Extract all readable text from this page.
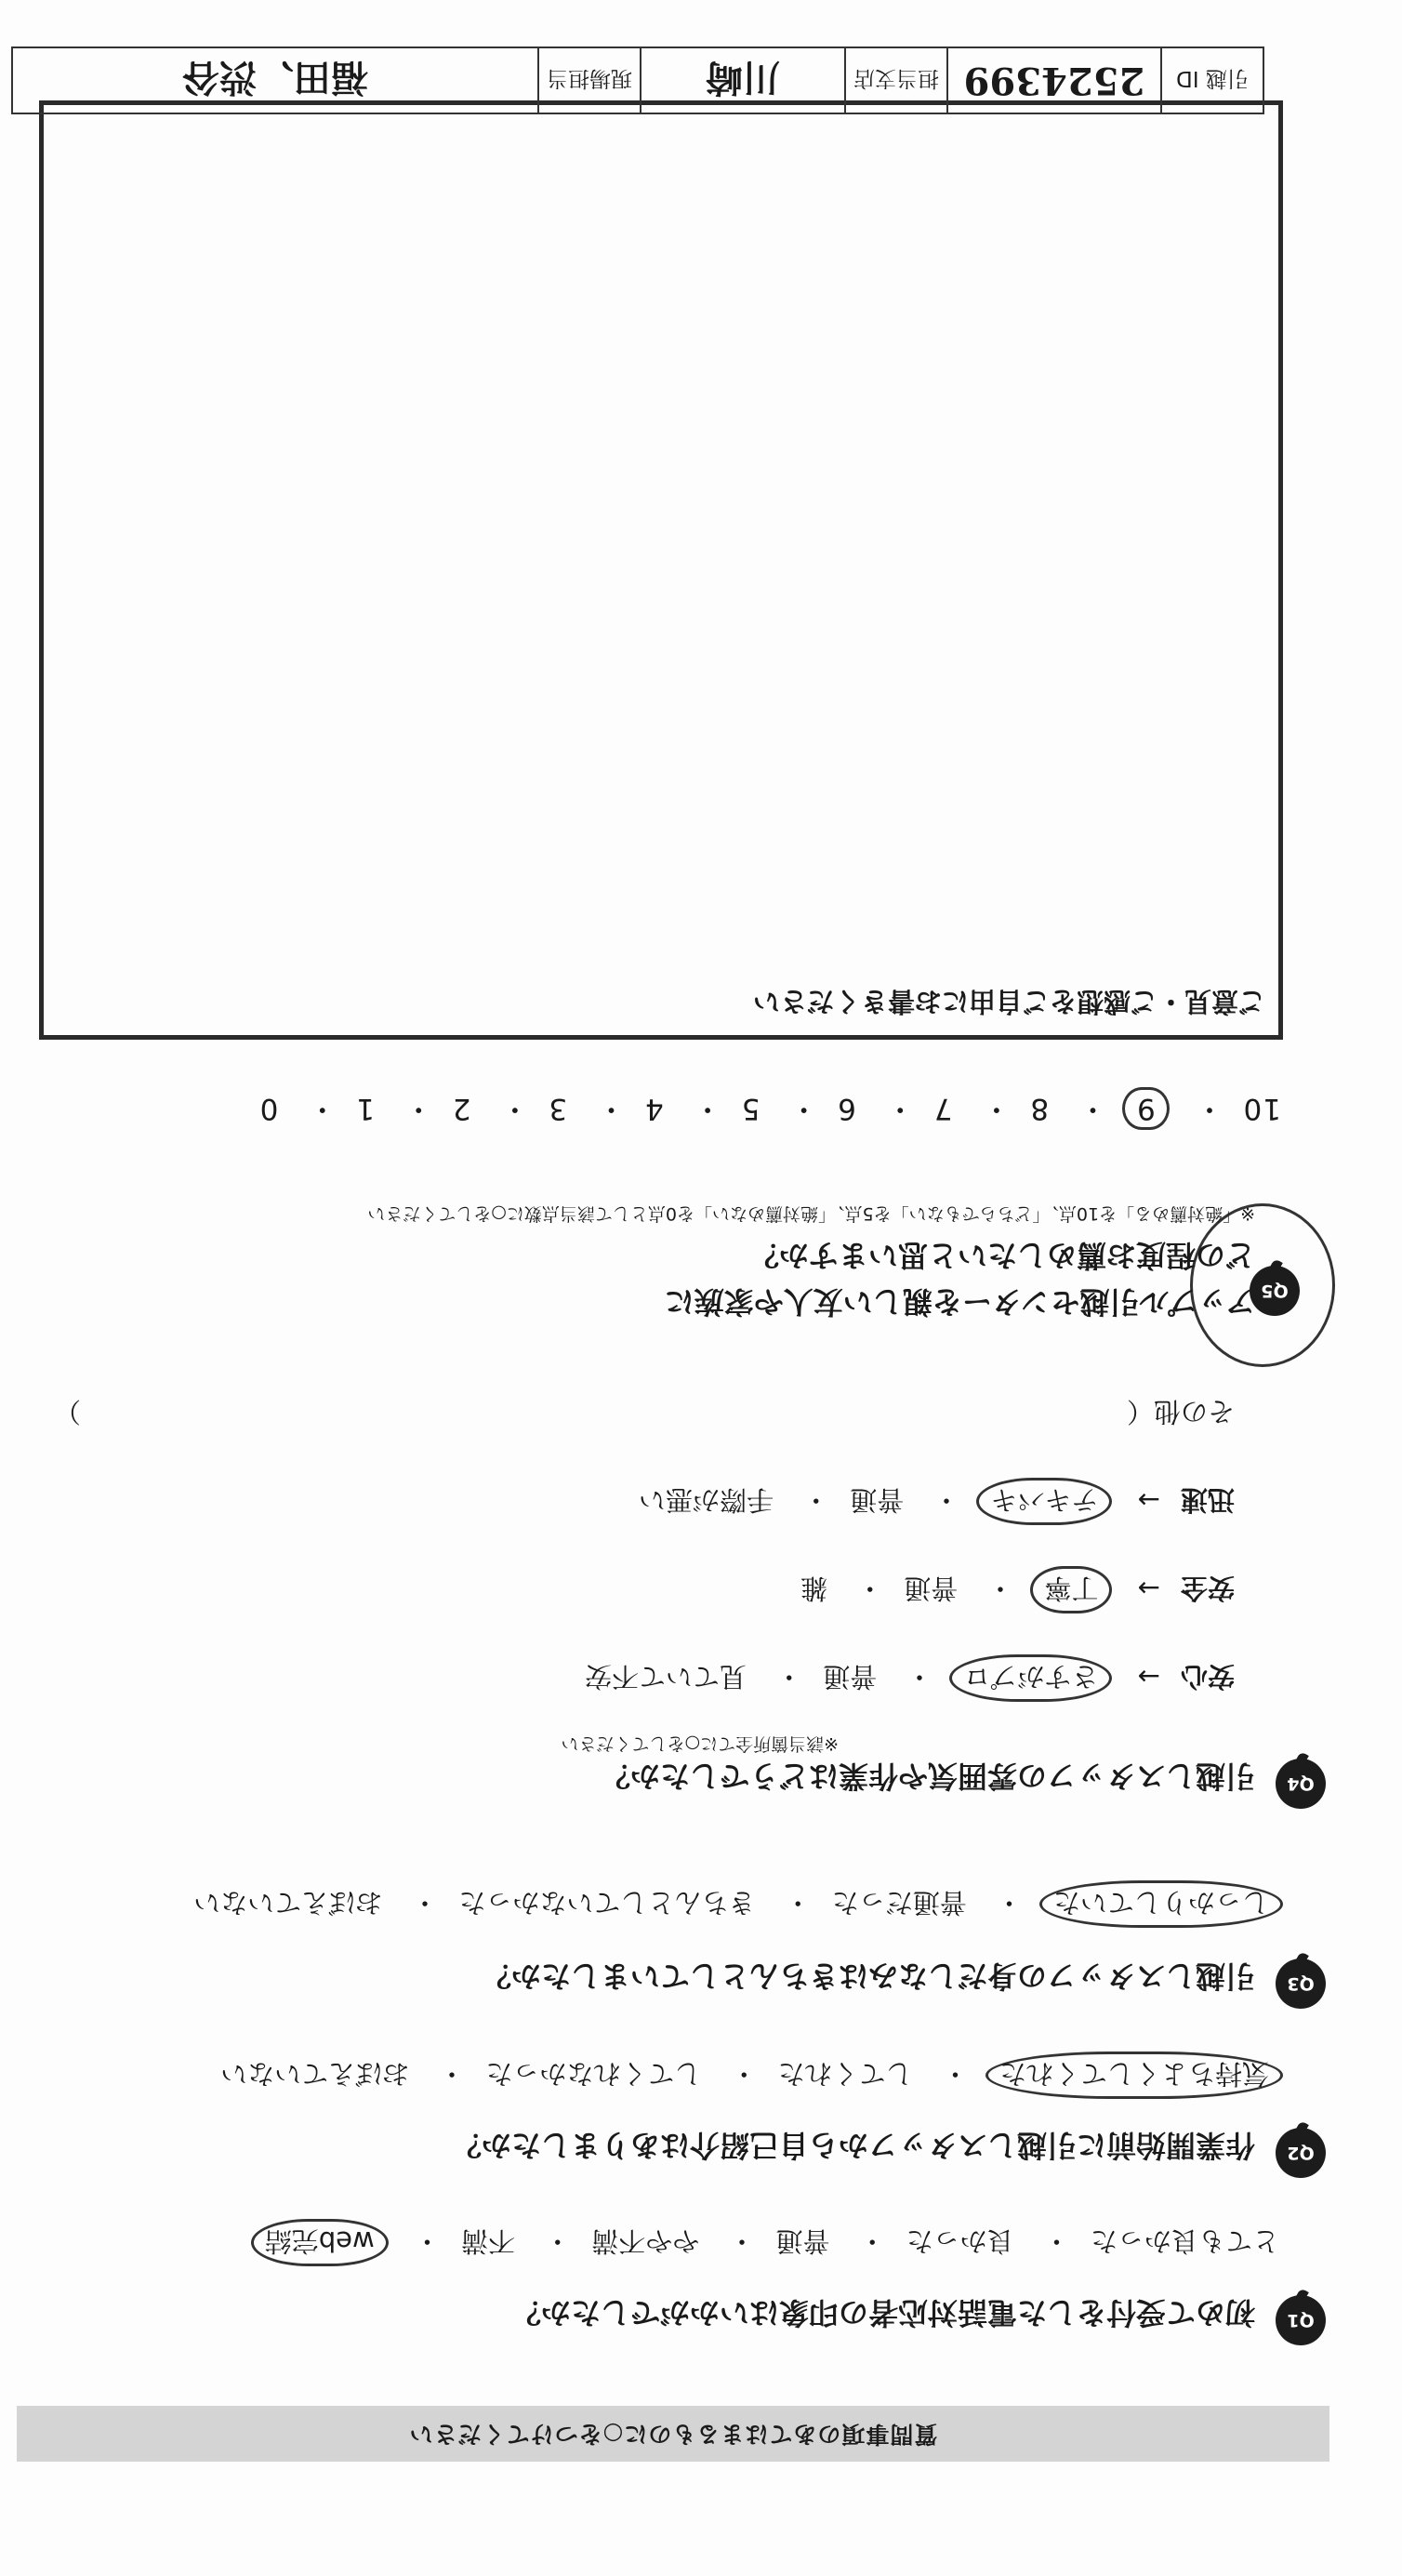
質問事項のあてはまるものに○をつけてください
Q1
初めて受付をした電話対応者の印象はいかがでしたか？
とても良かった・ 良かった・ 普通・ やや不満・ 不満・ web完結
Q2
作業開始前に引越しスタッフから自己紹介はありましたか？
気持ちよくしてくれた・ してくれた・ してくれなかった・ おぼえていない
Q3
引越しスタッフの身だしなみはきちんとしていましたか？
しっかりしていた・ 普通だった・ きちんとしていなかった・ おぼえていない
Q4
引越しスタッフの雰囲気や作業はどうでしたか？
※該当箇所全てに○をしてください
安心→ さすがプロ・ 普通・ 見ていて不安
安全→ 丁寧・ 普通・ 雑
迅速→ テキパキ・ 普通・ 手際が悪い
その他（
）
Q5
アップル引越センターを親しい友人や家族に
どの程度お薦めしたいと思いますか？
※「絶対薦める」を10点、「どちらでもない」を5点、「絶対薦めない」を0点として該当点数に○をしてください
10・ 9・ 8・ 7・ 6・ 5・ 4・ 3・ 2・ 1・ 0
ご意見・ご感想をご自由にお書きください
引越 ID
2524399
担当支店
川崎
現場担当
福田、渋谷
